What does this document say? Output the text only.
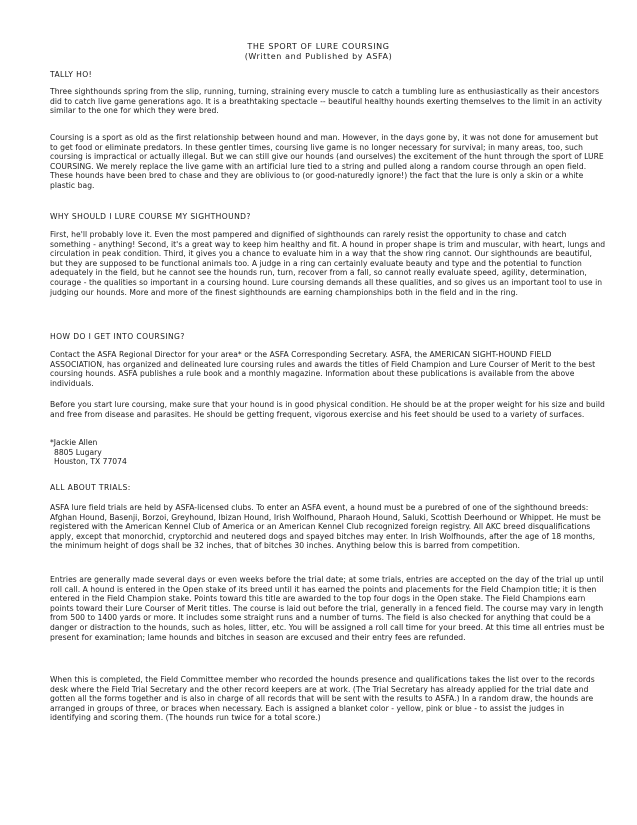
THE SPORT OF LURE COURSING
(Written and Published by ASFA)
TALLY HO!

Three sighthounds spring from the slip, running, turning, straining every muscle to catch a tumbling lure as enthusiastically as their ancestors did to catch live game generations ago. It is a breathtaking spectacle -- beautiful healthy hounds exerting themselves to the limit in an activity similar to the one for which they were bred.

Coursing is a sport as old as the first relationship between hound and man. However, in the days gone by, it was not done for amusement but to get food or eliminate predators. In these gentler times, coursing live game is no longer necessary for survival; in many areas, too, such coursing is impractical or actually illegal. But we can still give our hounds (and ourselves) the excitement of the hunt through the sport of LURE COURSING. We merely replace the live game with an artificial lure tied to a string and pulled along a random course through an open field. These hounds have been bred to chase and they are oblivious to (or good-naturedly ignore!) the fact that the lure is only a skin or a white plastic bag.

WHY SHOULD I LURE COURSE MY SIGHTHOUND?

First, he'll probably love it. Even the most pampered and dignified of sighthounds can rarely resist the opportunity to chase and catch something - anything! Second, it's a great way to keep him healthy and fit. A hound in proper shape is trim and muscular, with heart, lungs and circulation in peak condition. Third, it gives you a chance to evaluate him in a way that the show ring cannot. Our sighthounds are beautiful, but they are supposed to be functional animals too. A judge in a ring can certainly evaluate beauty and type and the potential to function adequately in the field, but he cannot see the hounds run, turn, recover from a fall, so cannot really evaluate speed, agility, determination, courage - the qualities so important in a coursing hound. Lure coursing demands all these qualities, and so gives us an important tool to use in judging our hounds. More and more of the finest sighthounds are earning championships both in the field and in the ring.

HOW DO I GET INTO COURSING?

Contact the ASFA Regional Director for your area* or the ASFA Corresponding Secretary. ASFA, the AMERICAN SIGHT-HOUND FIELD ASSOCIATION, has organized and delineated lure coursing rules and awards the titles of Field Champion and Lure Courser of Merit to the best coursing hounds. ASFA publishes a rule book and a monthly magazine. Information about these publications is available from the above individuals.

Before you start lure coursing, make sure that your hound is in good physical condition. He should be at the proper weight for his size and build and free from disease and parasites. He should be getting frequent, vigorous exercise and his feet should be used to a variety of surfaces.

*Jackie Allen
8805 Lugary
Houston, TX 77074
ALL ABOUT TRIALS:

ASFA lure field trials are held by ASFA-licensed clubs. To enter an ASFA event, a hound must be a purebred of one of the sighthound breeds: Afghan Hound, Basenji, Borzoi, Greyhound, Ibizan Hound, Irish Wolfhound, Pharaoh Hound, Saluki, Scottish Deerhound or Whippet. He must be registered with the American Kennel Club of America or an American Kennel Club recognized foreign registry. All AKC breed disqualifications apply, except that monorchid, cryptorchid and neutered dogs and spayed bitches may enter. In Irish Wolfhounds, after the age of 18 months, the minimum height of dogs shall be 32 inches, that of bitches 30 inches. Anything below this is barred from competition.

Entries are generally made several days or even weeks before the trial date; at some trials, entries are accepted on the day of the trial up until roll call. A hound is entered in the Open stake of its breed until it has earned the points and placements for the Field Champion title; it is then entered in the Field Champion stake. Points toward this title are awarded to the top four dogs in the Open stake. The Field Champions earn points toward their Lure Courser of Merit titles. The course is laid out before the trial, generally in a fenced field. The course may vary in length from 500 to 1400 yards or more. It includes some straight runs and a number of turns. The field is also checked for anything that could be a danger or distraction to the hounds, such as holes, litter, etc. You will be assigned a roll call time for your breed. At this time all entries must be present for examination; lame hounds and bitches in season are excused and their entry fees are refunded.

When this is completed, the Field Committee member who recorded the hounds presence and qualifications takes the list over to the records desk where the Field Trial Secretary and the other record keepers are at work. (The Trial Secretary has already applied for the trial date and gotten all the forms together and is also in charge of all records that will be sent with the results to ASFA.) In a random draw, the hounds are arranged in groups of three, or braces when necessary. Each is assigned a blanket color - yellow, pink or blue - to assist the judges in identifying and scoring them. (The hounds run twice for a total score.)
